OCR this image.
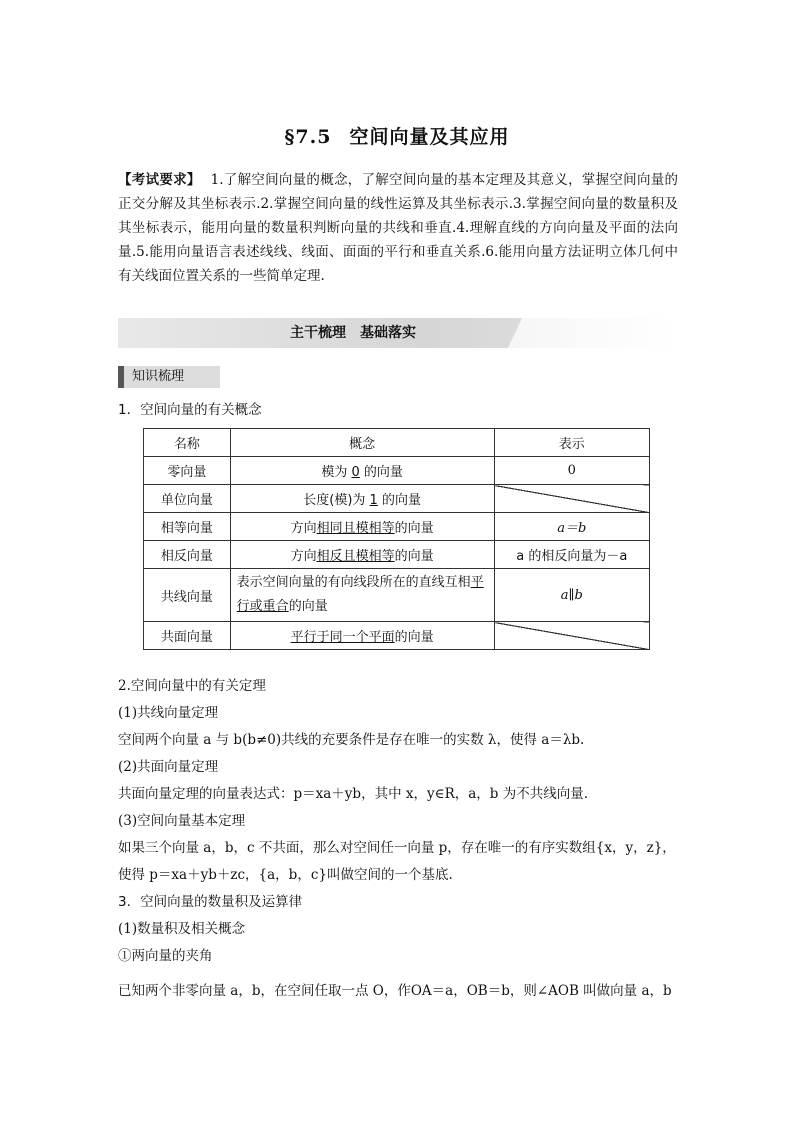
§7.5 空间向量及其应用
【考试要求】 1.了解空间向量的概念，了解空间向量的基本定理及其意义，掌握空间向量的正交分解及其坐标表示.2.掌握空间向量的线性运算及其坐标表示.3.掌握空间向量的数量积及其坐标表示，能用向量的数量积判断向量的共线和垂直.4.理解直线的方向向量及平面的法向量.5.能用向量语言表述线线、线面、面面的平行和垂直关系.6.能用向量方法证明立体几何中有关线面位置关系的一些简单定理.
主干梳理　基础落实
知识梳理
1．空间向量的有关概念
名称	概念	表示
零向量	模为 0 的向量	0
单位向量	长度(模)为 1 的向量	
相等向量	方向相同且模相等的向量	a＝b
相反向量	方向相反且模相等的向量	a 的相反向量为－a
共线向量	表示空间向量的有向线段所在的直线互相平行或重合的向量	a∥b
共面向量	平行于同一个平面的向量	
2.空间向量中的有关定理
(1)共线向量定理
空间两个向量 a 与 b(b≠0)共线的充要条件是存在唯一的实数 λ，使得 a＝λb.
(2)共面向量定理
共面向量定理的向量表达式：p＝xa＋yb，其中 x，y∈R，a，b 为不共线向量.
(3)空间向量基本定理
如果三个向量 a，b，c 不共面，那么对空间任一向量 p，存在唯一的有序实数组{x，y，z}，
使得 p＝xa＋yb＋zc，{a，b，c}叫做空间的一个基底.
3．空间向量的数量积及运算律
(1)数量积及相关概念
①两向量的夹角
已知两个非零向量 a，b，在空间任取一点 O，作OA＝a，OB＝b，则∠AOB 叫做向量 a，b
